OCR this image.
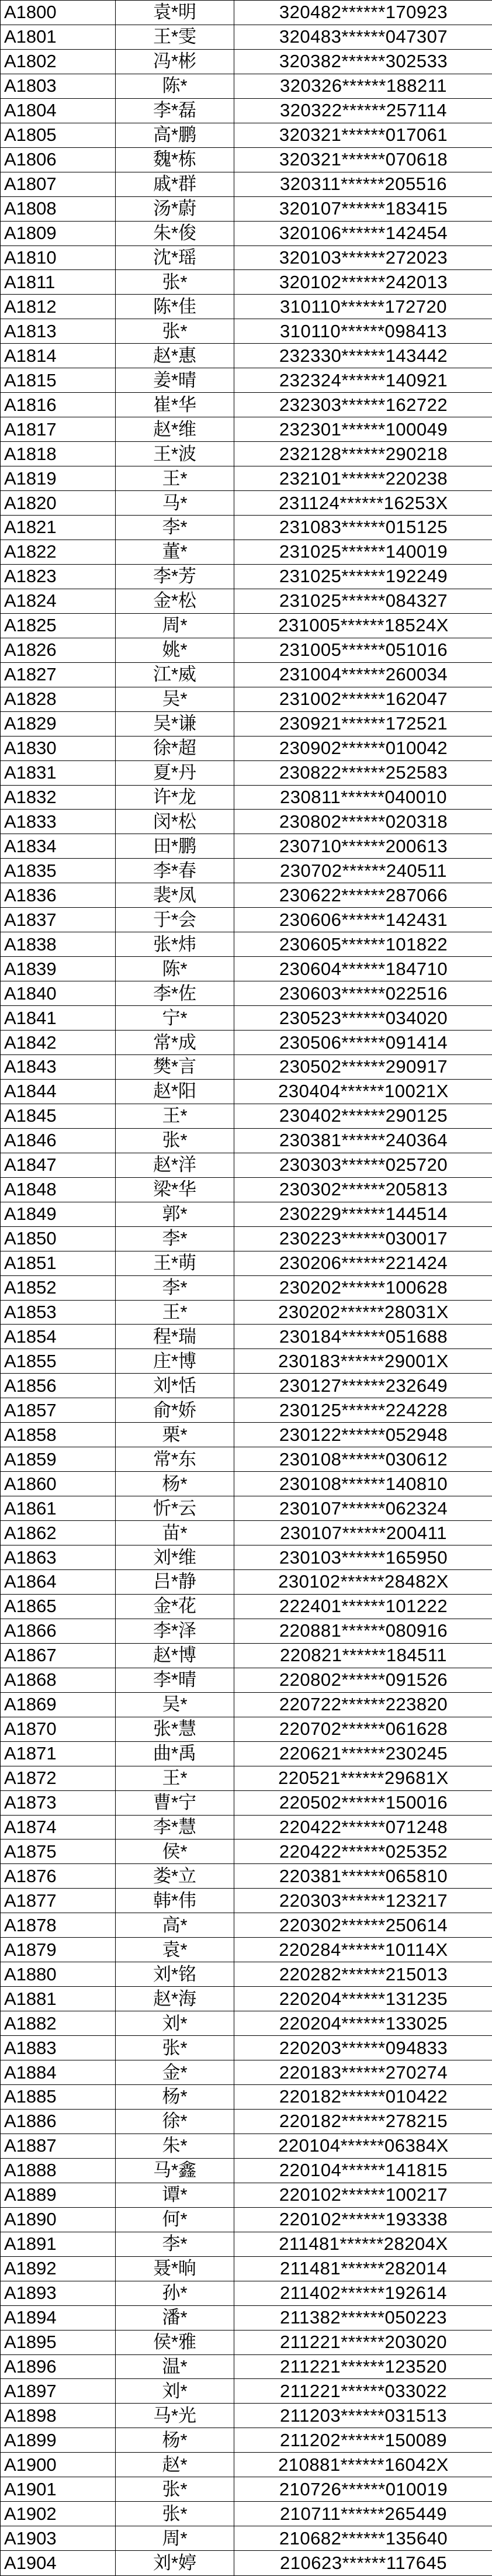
A1800	袁*明	320482******170923
A1801	王*雯	320483******047307
A1802	冯*彬	320382******302533
A1803	陈*	320326******188211
A1804	李*磊	320322******257114
A1805	高*鹏	320321******017061
A1806	魏*栋	320321******070618
A1807	戚*群	320311******205516
A1808	汤*蔚	320107******183415
A1809	朱*俊	320106******142454
A1810	沈*瑶	320103******272023
A1811	张*	320102******242013
A1812	陈*佳	310110******172720
A1813	张*	310110******098413
A1814	赵*惠	232330******143442
A1815	姜*晴	232324******140921
A1816	崔*华	232303******162722
A1817	赵*维	232301******100049
A1818	王*波	232128******290218
A1819	王*	232101******220238
A1820	马*	231124******16253X
A1821	李*	231083******015125
A1822	董*	231025******140019
A1823	李*芳	231025******192249
A1824	金*松	231025******084327
A1825	周*	231005******18524X
A1826	姚*	231005******051016
A1827	江*威	231004******260034
A1828	吴*	231002******162047
A1829	吴*谦	230921******172521
A1830	徐*超	230902******010042
A1831	夏*丹	230822******252583
A1832	许*龙	230811******040010
A1833	闵*松	230802******020318
A1834	田*鹏	230710******200613
A1835	李*春	230702******240511
A1836	裴*凤	230622******287066
A1837	于*会	230606******142431
A1838	张*炜	230605******101822
A1839	陈*	230604******184710
A1840	李*佐	230603******022516
A1841	宁*	230523******034020
A1842	常*成	230506******091414
A1843	樊*言	230502******290917
A1844	赵*阳	230404******10021X
A1845	王*	230402******290125
A1846	张*	230381******240364
A1847	赵*洋	230303******025720
A1848	梁*华	230302******205813
A1849	郭*	230229******144514
A1850	李*	230223******030017
A1851	王*萌	230206******221424
A1852	李*	230202******100628
A1853	王*	230202******28031X
A1854	程*瑞	230184******051688
A1855	庄*博	230183******29001X
A1856	刘*恬	230127******232649
A1857	俞*娇	230125******224228
A1858	栗*	230122******052948
A1859	常*东	230108******030612
A1860	杨*	230108******140810
A1861	忻*云	230107******062324
A1862	苗*	230107******200411
A1863	刘*维	230103******165950
A1864	吕*静	230102******28482X
A1865	金*花	222401******101222
A1866	李*泽	220881******080916
A1867	赵*博	220821******184511
A1868	李*晴	220802******091526
A1869	吴*	220722******223820
A1870	张*慧	220702******061628
A1871	曲*禹	220621******230245
A1872	王*	220521******29681X
A1873	曹*宁	220502******150016
A1874	李*慧	220422******071248
A1875	侯*	220422******025352
A1876	娄*立	220381******065810
A1877	韩*伟	220303******123217
A1878	高*	220302******250614
A1879	袁*	220284******10114X
A1880	刘*铭	220282******215013
A1881	赵*海	220204******131235
A1882	刘*	220204******133025
A1883	张*	220203******094833
A1884	金*	220183******270274
A1885	杨*	220182******010422
A1886	徐*	220182******278215
A1887	朱*	220104******06384X
A1888	马*鑫	220104******141815
A1889	谭*	220102******100217
A1890	何*	220102******193338
A1891	李*	211481******28204X
A1892	聂*晌	211481******282014
A1893	孙*	211402******192614
A1894	潘*	211382******050223
A1895	侯*雅	211221******203020
A1896	温*	211221******123520
A1897	刘*	211221******033022
A1898	马*光	211203******031513
A1899	杨*	211202******150089
A1900	赵*	210881******16042X
A1901	张*	210726******010019
A1902	张*	210711******265449
A1903	周*	210682******135640
A1904	刘*婷	210623******117645
